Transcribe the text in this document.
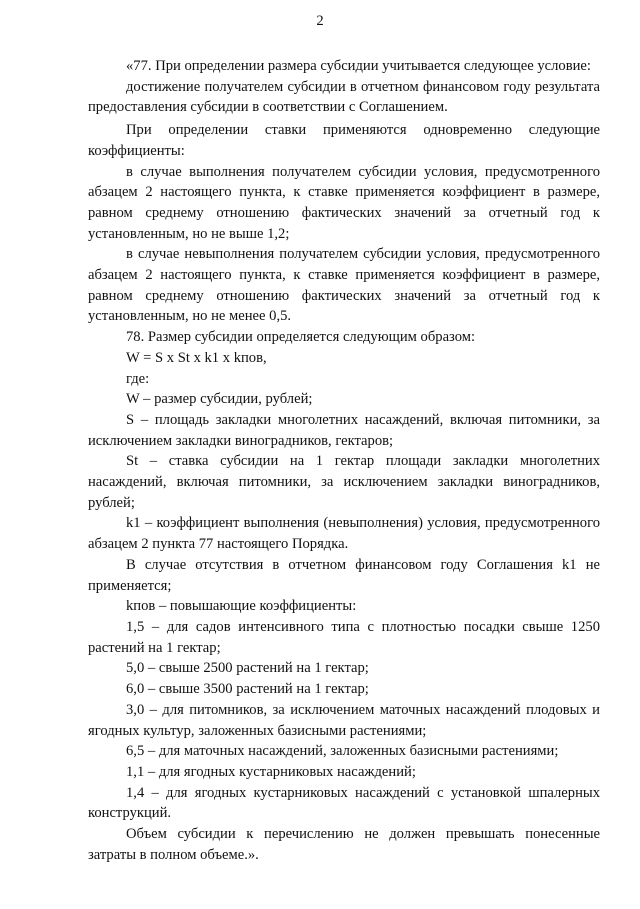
2

«77. При определении размера субсидии учитывается следующее условие:

достижение получателем субсидии в отчетном финансовом году результата предоставления субсидии в соответствии с Соглашением.

При определении ставки применяются одновременно следующие коэффициенты:

в случае выполнения получателем субсидии условия, предусмотренного абзацем 2 настоящего пункта, к ставке применяется коэффициент в размере, равном среднему отношению фактических значений за отчетный год к установленным, но не выше 1,2;

в случае невыполнения получателем субсидии условия, предусмотренного абзацем 2 настоящего пункта, к ставке применяется коэффициент в размере, равном среднему отношению фактических значений за отчетный год к установленным, но не менее 0,5.

78. Размер субсидии определяется следующим образом:

W = S x St x k1 x kпов,

где:

W – размер субсидии, рублей;

S – площадь закладки многолетних насаждений, включая питомники, за исключением закладки виноградников, гектаров;

St – ставка субсидии на 1 гектар площади закладки многолетних насаждений, включая питомники, за исключением закладки виноградников, рублей;

k1 – коэффициент выполнения (невыполнения) условия, предусмотренного абзацем 2 пункта 77 настоящего Порядка.

В случае отсутствия в отчетном финансовом году Соглашения k1 не применяется;

kпов – повышающие коэффициенты:

1,5 – для садов интенсивного типа с плотностью посадки свыше 1250 растений на 1 гектар;

5,0 – свыше 2500 растений на 1 гектар;

6,0 – свыше 3500 растений на 1 гектар;

3,0 – для питомников, за исключением маточных насаждений плодовых и ягодных культур, заложенных базисными растениями;

6,5 – для маточных насаждений, заложенных базисными растениями;

1,1 – для ягодных кустарниковых насаждений;

1,4 – для ягодных кустарниковых насаждений с установкой шпалерных конструкций.

Объем субсидии к перечислению не должен превышать понесенные затраты в полном объеме.».
